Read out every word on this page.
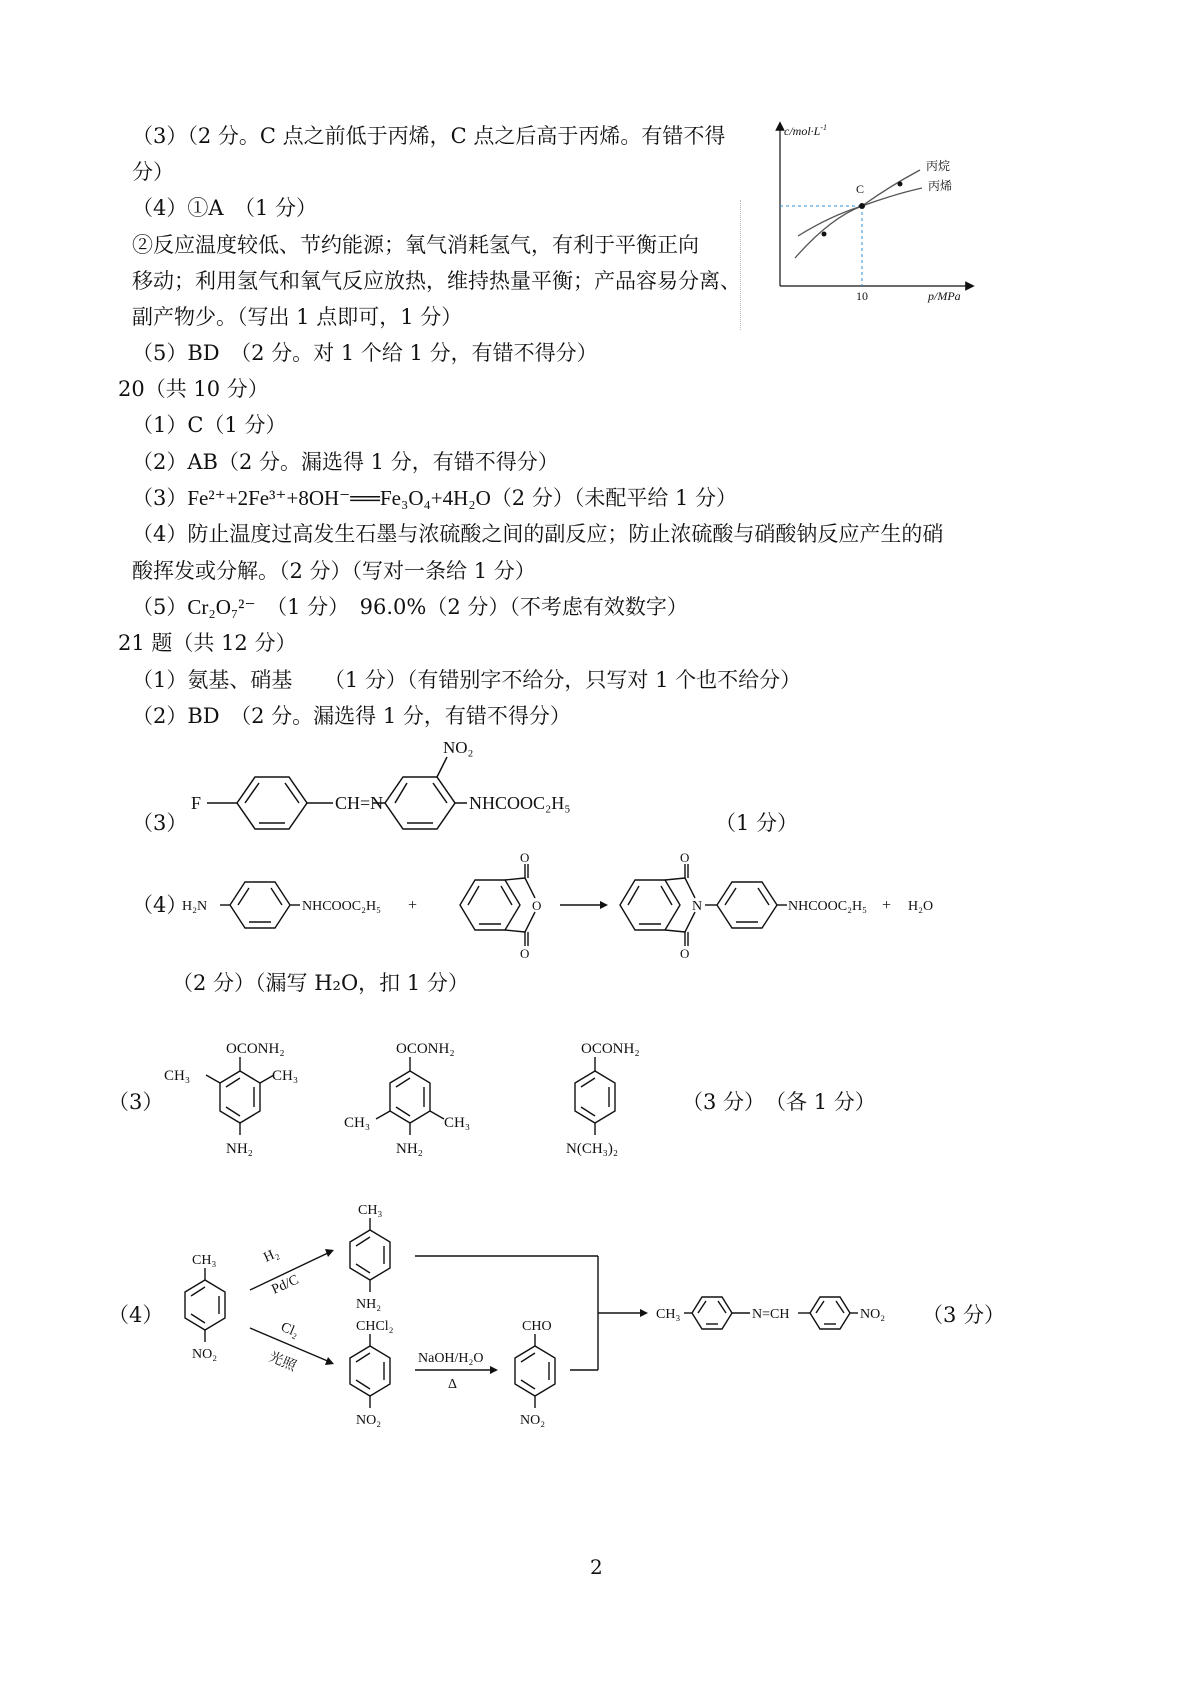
（3）（2 分。C 点之前低于丙烯，C 点之后高于丙烯。有错不得
分）
（4）①A　（1 分）
②反应温度较低、节约能源；氧气消耗氢气，有利于平衡正向
移动；利用氢气和氧气反应放热，维持热量平衡；产品容易分离、
副产物少。（写出 1 点即可，1 分）
（5）BD　（2 分。对 1 个给 1 分，有错不得分）
$c/mol\cdot L^{-1}$
p/MPa
10
C
丙烷
丙烯
20（共 10 分）
（1）C（1 分）
（2）AB（2 分。漏选得 1 分，有错不得分）
（3）Fe²⁺+2Fe³⁺+8OH⁻══Fe₃O₄+4H₂O（2 分）（未配平给 1 分）
（4）防止温度过高发生石墨与浓硫酸之间的副反应；防止浓硫酸与硝酸钠反应产生的硝
酸挥发或分解。（2 分）（写对一条给 1 分）
（5）Cr₂O₇²⁻　（1 分）　96.0%（2 分）（不考虑有效数字）
21 题（共 12 分）
（1）氨基、硝基　　（1 分）（有错别字不给分，只写对 1 个也不给分）
（2）BD　（2 分。漏选得 1 分，有错不得分）
（3）	（1 分）
F	CH=N
NO₂
NHCOOC₂H₅
（4）
H₂N	NHCOOC₂H₅ +
O
O
O
O
N
O
NHCOOC₂H₅ + H₂O
（2 分）（漏写 H₂O，扣 1 分）
（3）
OCONH₂
CH₃	CH₃
NH₂
OCONH₂
CH₃	CH₃
NH₂
OCONH₂
N(CH₃)₂
（3 分）　（各 1 分）
（4）
CH₃
NO₂
H₂
Pd/C
Cl₂
光照
CH₃
NH₂
CHCl₂
NO₂
NaOH/H₂O
Δ
CHO
NO₂
CH₃	N=CH	NO₂ （3 分）
2
